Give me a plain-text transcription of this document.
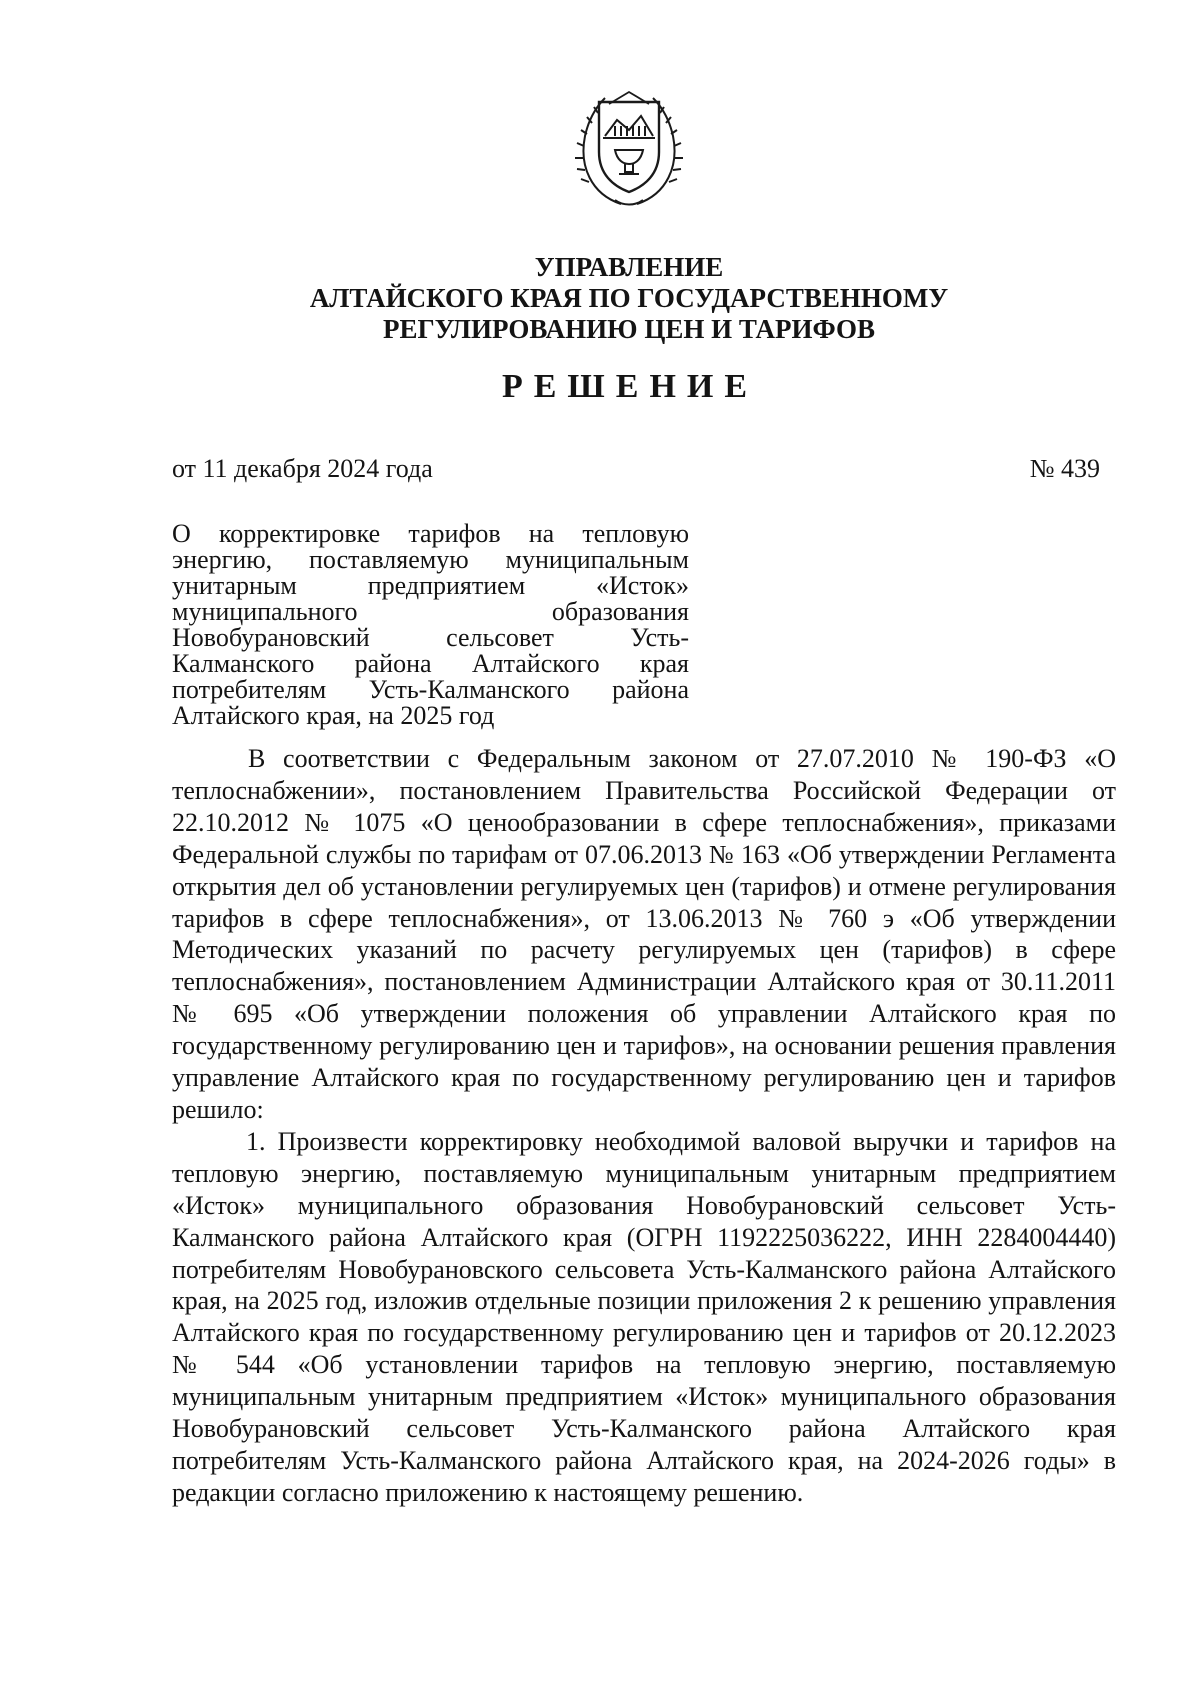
УПРАВЛЕНИЕ
АЛТАЙСКОГО КРАЯ ПО ГОСУДАРСТВЕННОМУ
РЕГУЛИРОВАНИЮ ЦЕН И ТАРИФОВ
РЕШЕНИЕ
от 11 декабря 2024 года	№ 439
О корректировке тарифов на тепловую энергию, поставляемую муниципальным унитарным предприятием «Исток» муниципального образования Новобурановский сельсовет Усть-Калманского района Алтайского края потребителям Усть-Калманского района Алтайского края, на 2025 год

В соответствии с Федеральным законом от 27.07.2010 № 190-ФЗ «О теплоснабжении», постановлением Правительства Российской Федерации от 22.10.2012 № 1075 «О ценообразовании в сфере теплоснабжения», приказами Федеральной службы по тарифам от 07.06.2013 № 163 «Об утверждении Регламента открытия дел об установлении регулируемых цен (тарифов) и отмене регулирования тарифов в сфере теплоснабжения», от 13.06.2013 № 760 э «Об утверждении Методических указаний по расчету регулируемых цен (тарифов) в сфере теплоснабжения», постановлением Администрации Алтайского края от 30.11.2011 № 695 «Об утверждении положения об управлении Алтайского края по государственному регулированию цен и тарифов», на основании решения правления управление Алтайского края по государственному регулированию цен и тарифов решило:

1. Произвести корректировку необходимой валовой выручки и тарифов на тепловую энергию, поставляемую муниципальным унитарным предприятием «Исток» муниципального образования Новобурановский сельсовет Усть-Калманского района Алтайского края (ОГРН 1192225036222, ИНН 2284004440) потребителям Новобурановского сельсовета Усть-Калманского района Алтайского края, на 2025 год, изложив отдельные позиции приложения 2 к решению управления Алтайского края по государственному регулированию цен и тарифов от 20.12.2023 № 544 «Об установлении тарифов на тепловую энергию, поставляемую муниципальным унитарным предприятием «Исток» муниципального образования Новобурановский сельсовет Усть-Калманского района Алтайского края потребителям Усть-Калманского района Алтайского края, на 2024-2026 годы» в редакции согласно приложению к настоящему решению.
